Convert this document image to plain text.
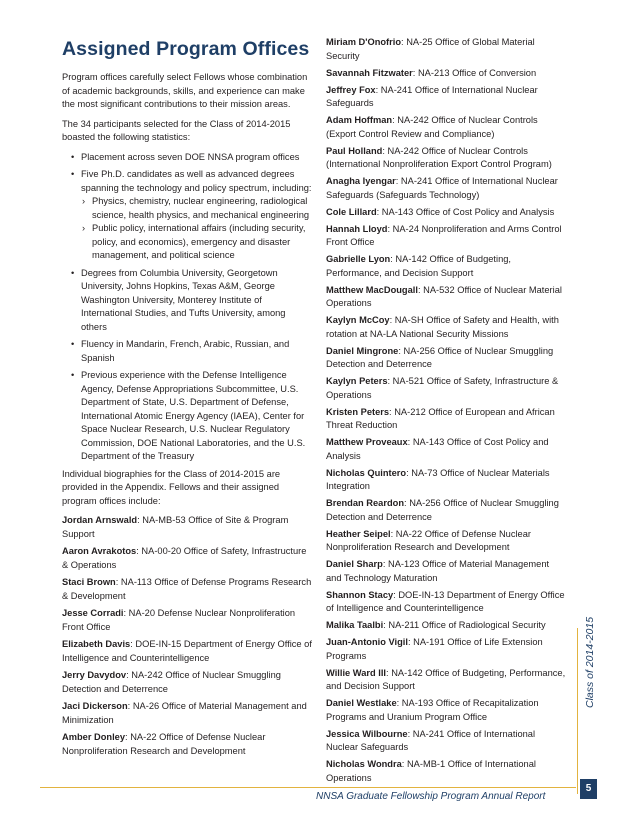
Assigned Program Offices

Program offices carefully select Fellows whose combination of academic backgrounds, skills, and experience can make the most significant contributions to their mission areas.

The 34 participants selected for the Class of 2014-2015 boasted the following statistics:

• Placement across seven DOE NNSA program offices
• Five Ph.D. candidates as well as advanced degrees spanning the technology and policy spectrum, including:
› Physics, chemistry, nuclear engineering, radiological science, health physics, and mechanical engineering
› Public policy, international affairs (including security, policy, and economics), emergency and disaster management, and political science
• Degrees from Columbia University, Georgetown University, Johns Hopkins, Texas A&M, George Washington University, Monterey Institute of International Studies, and Tufts University, among others
• Fluency in Mandarin, French, Arabic, Russian, and Spanish
• Previous experience with the Defense Intelligence Agency, Defense Appropriations Subcommittee, U.S. Department of State, U.S. Department of Defense, International Atomic Energy Agency (IAEA), Center for Space Nuclear Research, U.S. Nuclear Regulatory Commission, DOE National Laboratories, and the U.S. Department of the Treasury

Individual biographies for the Class of 2014-2015 are provided in the Appendix. Fellows and their assigned program offices include:

Jordan Arnswald: NA-MB-53 Office of Site & Program Support
Aaron Avrakotos: NA-00-20 Office of Safety, Infrastructure & Operations
Staci Brown: NA-113 Office of Defense Programs Research & Development
Jesse Corradi: NA-20 Defense Nuclear Nonproliferation Front Office
Elizabeth Davis: DOE-IN-15 Department of Energy Office of Intelligence and Counterintelligence
Jerry Davydov: NA-242 Office of Nuclear Smuggling Detection and Deterrence
Jaci Dickerson: NA-26 Office of Material Management and Minimization
Amber Donley: NA-22 Office of Defense Nuclear Nonproliferation Research and Development
Miriam D'Onofrio: NA-25 Office of Global Material Security
Savannah Fitzwater: NA-213 Office of Conversion
Jeffrey Fox: NA-241 Office of International Nuclear Safeguards
Adam Hoffman: NA-242 Office of Nuclear Controls (Export Control Review and Compliance)
Paul Holland: NA-242 Office of Nuclear Controls (International Nonproliferation Export Control Program)
Anagha Iyengar: NA-241 Office of International Nuclear Safeguards (Safeguards Technology)
Cole Lillard: NA-143 Office of Cost Policy and Analysis
Hannah Lloyd: NA-24 Nonproliferation and Arms Control Front Office
Gabrielle Lyon: NA-142 Office of Budgeting, Performance, and Decision Support
Matthew MacDougall: NA-532 Office of Nuclear Material Operations
Kaylyn McCoy: NA-SH Office of Safety and Health, with rotation at NA-LA National Security Missions
Daniel Mingrone: NA-256 Office of Nuclear Smuggling Detection and Deterrence
Kaylyn Peters: NA-521 Office of Safety, Infrastructure & Operations
Kristen Peters: NA-212 Office of European and African Threat Reduction
Matthew Proveaux: NA-143 Office of Cost Policy and Analysis
Nicholas Quintero: NA-73 Office of Nuclear Materials Integration
Brendan Reardon: NA-256 Office of Nuclear Smuggling Detection and Deterrence
Heather Seipel: NA-22 Office of Defense Nuclear Nonproliferation Research and Development
Daniel Sharp: NA-123 Office of Material Management and Technology Maturation
Shannon Stacy: DOE-IN-13 Department of Energy Office of Intelligence and Counterintelligence
Malika Taalbi: NA-211 Office of Radiological Security
Juan-Antonio Vigil: NA-191 Office of Life Extension Programs
Willie Ward III: NA-142 Office of Budgeting, Performance, and Decision Support
Daniel Westlake: NA-193 Office of Recapitalization Programs and Uranium Program Office
Jessica Wilbourne: NA-241 Office of International Nuclear Safeguards
Nicholas Wondra: NA-MB-1 Office of International Operations
Class of 2014-2015
NNSA Graduate Fellowship Program Annual Report
5
